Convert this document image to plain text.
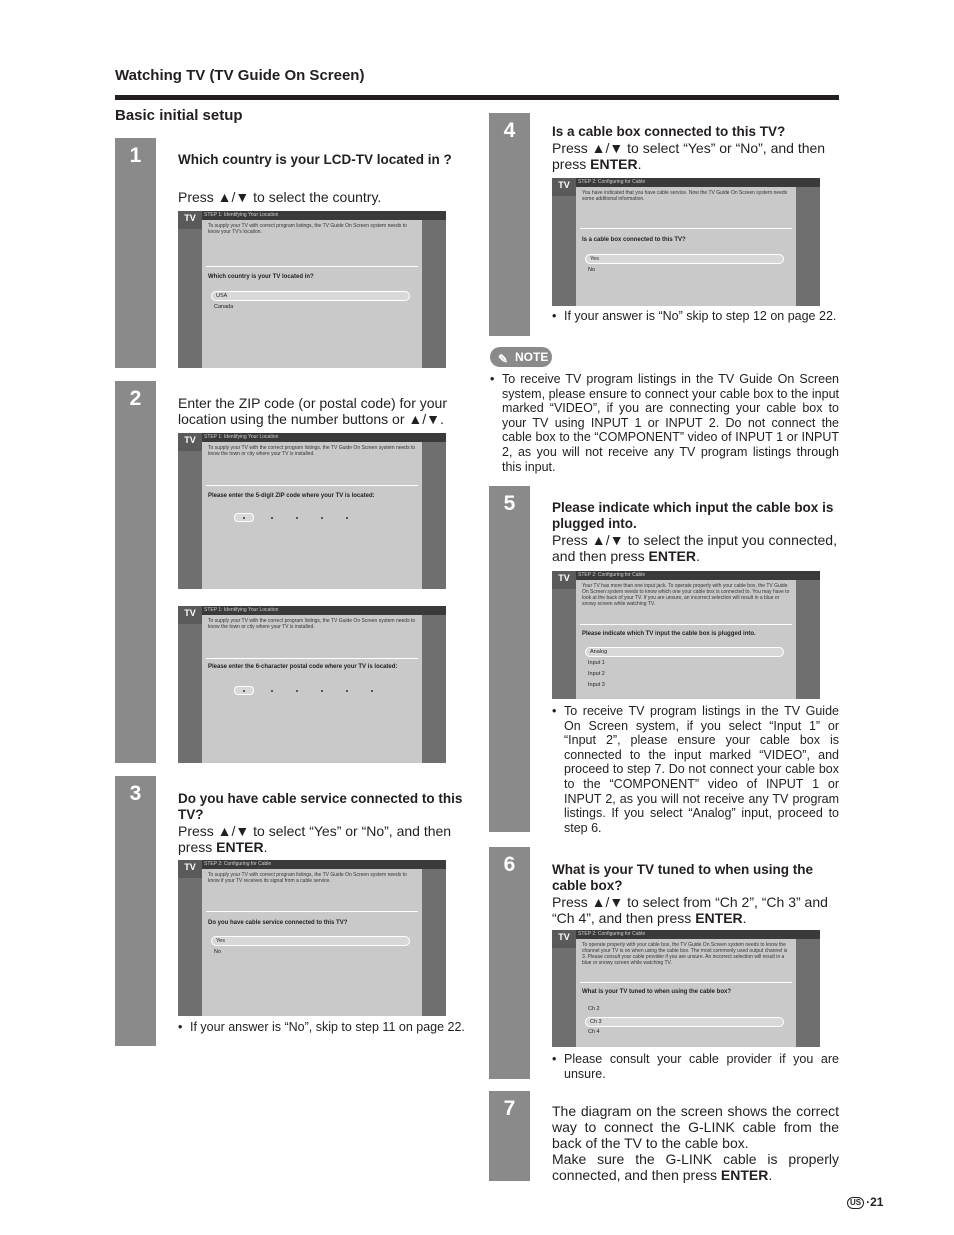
Watching TV (TV Guide On Screen)
Basic initial setup
1	Which country is your LCD-TV located in ?
Press ▲/▼ to select the country.
STEP 1: Identifying Your Location
TV
To supply your TV with correct program listings, the TV Guide On Screen system needs to know your TV's location.
Which country is your TV located in?
USA
Canada
2	Enter the ZIP code (or postal code) for your location using the number buttons or ▲/▼.
STEP 1: Identifying Your Location
TV
To supply your TV with the correct program listings, the TV Guide On Screen system needs to know the town or city where your TV is installed.
Please enter the 5-digit ZIP code where your TV is located:
STEP 1: Identifying Your Location
TV
To supply your TV with the correct program listings, the TV Guide On Screen system needs to know the town or city where your TV is installed.
Please enter the 6-character postal code where your TV is located:
3	Do you have cable service connected to this TV?
Press ▲/▼ to select “Yes” or “No”, and then press ENTER.
STEP 2: Configuring for Cable
TV
To supply your TV with correct program listings, the TV Guide On Screen system needs to know if your TV receives its signal from a cable service.
Do you have cable service connected to this TV?
Yes
No
• If your answer is “No”, skip to step 11 on page 22.
4	Is a cable box connected to this TV?
Press ▲/▼ to select “Yes” or “No”, and then press ENTER.
STEP 2: Configuring for Cable
TV
You have indicated that you have cable service. Now the TV Guide On Screen system needs some additional information.
Is a cable box connected to this TV?
Yes
No
• If your answer is “No” skip to step 12 on page 22.
✎ NOTE
• To receive TV program listings in the TV Guide On Screen system, please ensure to connect your cable box to the input marked “VIDEO”, if you are connecting your cable box to your TV using INPUT 1 or INPUT 2. Do not connect the cable box to the “COMPONENT” video of INPUT 1 or INPUT 2, as you will not receive any TV program listings through this input.
5	Please indicate which input the cable box is plugged into.
Press ▲/▼ to select the input you connected, and then press ENTER.
STEP 2: Configuring for Cable
TV
Your TV has more than one input jack. To operate properly with your cable box, the TV Guide On Screen system needs to know which one your cable box is connected to. You may have to look at the back of your TV. If you are unsure, an incorrect selection will result in a blue or snowy screen while watching TV.
Please indicate which TV input the cable box is plugged into.
Analog
Input 1
Input 2
Input 3
• To receive TV program listings in the TV Guide On Screen system, if you select “Input 1” or “Input 2”, please ensure your cable box is connected to the input marked “VIDEO”, and proceed to step 7. Do not connect your cable box to the “COMPONENT” video of INPUT 1 or INPUT 2, as you will not receive any TV program listings. If you select “Analog” input, proceed to step 6.
6	What is your TV tuned to when using the cable box?
Press ▲/▼ to select from “Ch 2”, “Ch 3” and “Ch 4”, and then press ENTER.
STEP 2: Configuring for Cable
TV
To operate properly with your cable box, the TV Guide On Screen system needs to know the channel your TV is on when using the cable box. The most commonly used output channel is 3. Please consult your cable provider if you are unsure. An incorrect selection will result in a blue or snowy screen while watching TV.
What is your TV tuned to when using the cable box?
Ch 2
Ch 3
Ch 4
• Please consult your cable provider if you are unsure.
7	The diagram on the screen shows the correct way to connect the G-LINK cable from the back of the TV to the cable box.
Make sure the G-LINK cable is properly connected, and then press ENTER.
US ·21
